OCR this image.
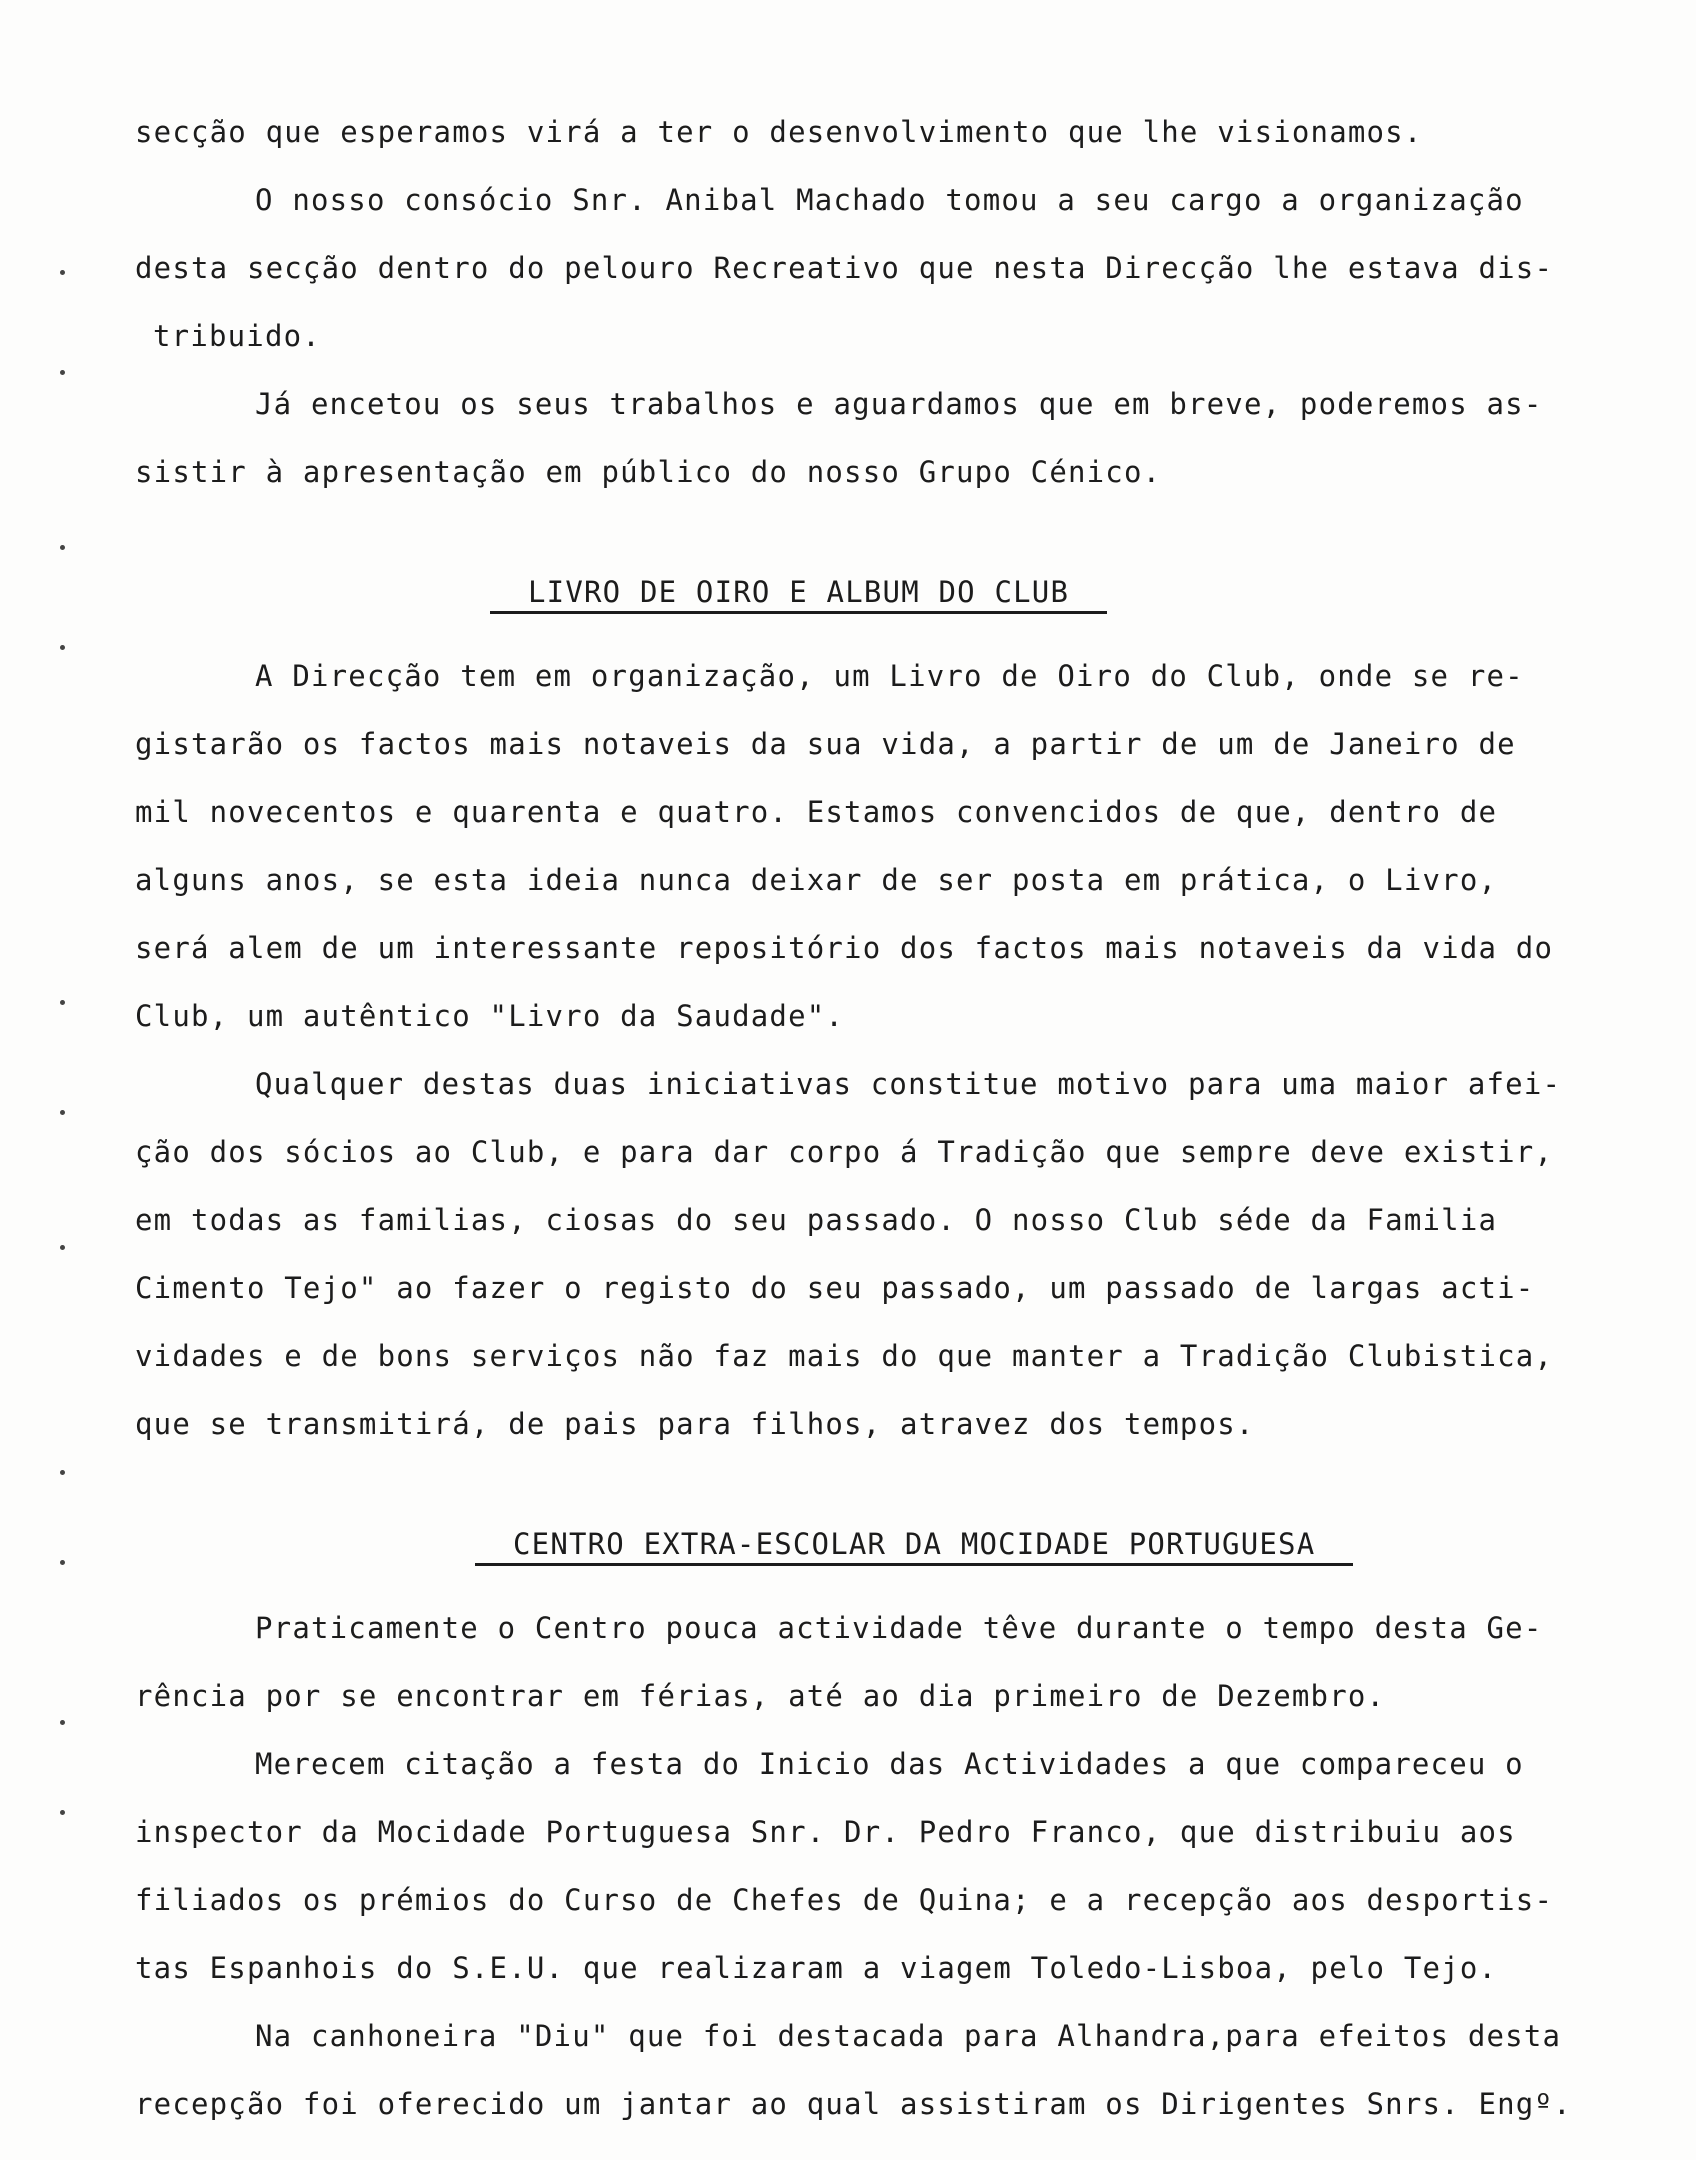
secção que esperamos virá a ter o desenvolvimento que lhe visionamos.
O nosso consócio Snr. Anibal Machado tomou a seu cargo a organização
desta secção dentro do pelouro Recreativo que nesta Direcção lhe estava dis-
tribuido.
Já encetou os seus trabalhos e aguardamos que em breve, poderemos as-
sistir à apresentação em público do nosso Grupo Cénico.
LIVRO DE OIRO E ALBUM DO CLUB
A Direcção tem em organização, um Livro de Oiro do Club, onde se re-
gistarão os factos mais notaveis da sua vida, a partir de um de Janeiro de
mil novecentos e quarenta e quatro. Estamos convencidos de que, dentro de
alguns anos, se esta ideia nunca deixar de ser posta em prática, o Livro,
será alem de um interessante repositório dos factos mais notaveis da vida do
Club, um autêntico "Livro da Saudade".
Qualquer destas duas iniciativas constitue motivo para uma maior afei-
ção dos sócios ao Club, e para dar corpo á Tradição que sempre deve existir,
em todas as familias, ciosas do seu passado. O nosso Club séde da Familia
Cimento Tejo" ao fazer o registo do seu passado, um passado de largas acti-
vidades e de bons serviços não faz mais do que manter a Tradição Clubistica,
que se transmitirá, de pais para filhos, atravez dos tempos.
CENTRO EXTRA-ESCOLAR DA MOCIDADE PORTUGUESA
Praticamente o Centro pouca actividade têve durante o tempo desta Ge-
rência por se encontrar em férias, até ao dia primeiro de Dezembro.
Merecem citação a festa do Inicio das Actividades a que compareceu o
inspector da Mocidade Portuguesa Snr. Dr. Pedro Franco, que distribuiu aos
filiados os prémios do Curso de Chefes de Quina; e a recepção aos desportis-
tas Espanhois do S.E.U. que realizaram a viagem Toledo-Lisboa, pelo Tejo.
Na canhoneira "Diu" que foi destacada para Alhandra,para efeitos desta
recepção foi oferecido um jantar ao qual assistiram os Dirigentes Snrs. Engº.
